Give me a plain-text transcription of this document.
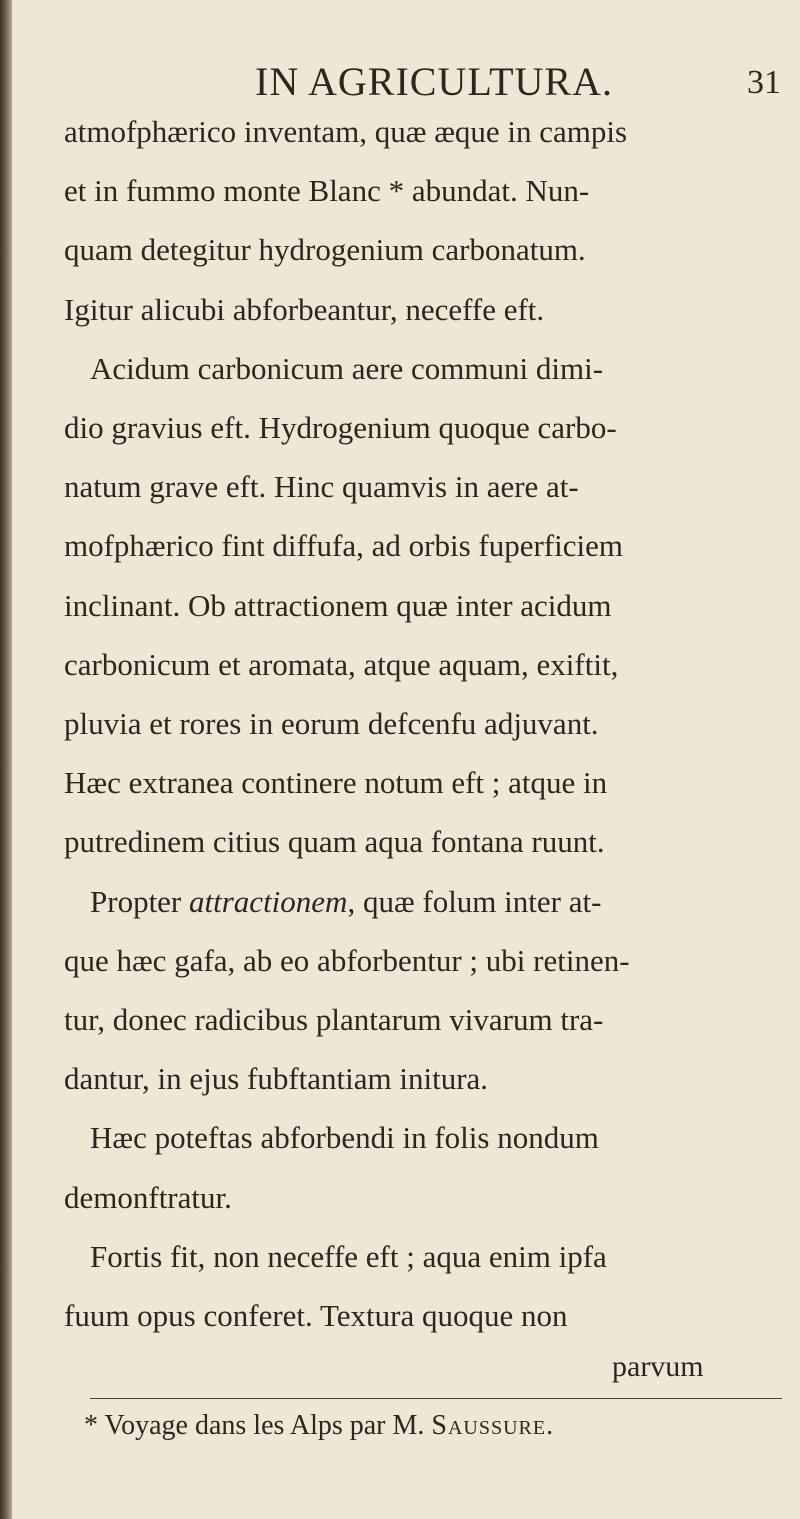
IN AGRICULTURA.	31
atmofphærico inventam, quæ æque in campis
et in fummo monte Blanc * abundat. Nun-
quam detegitur hydrogenium carbonatum.
Igitur alicubi abforbeantur, neceffe eft.
Acidum carbonicum aere communi dimi-
dio gravius eft. Hydrogenium quoque carbo-
natum grave eft. Hinc quamvis in aere at-
mofphærico fint diffufa, ad orbis fuperficiem
inclinant. Ob attractionem quæ inter acidum
carbonicum et aromata, atque aquam, exiftit,
pluvia et rores in eorum defcenfu adjuvant.
Hæc extranea continere notum eft ; atque in
putredinem citius quam aqua fontana ruunt.
Propter attractionem, quæ folum inter at-
que hæc gafa, ab eo abforbentur ; ubi retinen-
tur, donec radicibus plantarum vivarum tra-
dantur, in ejus fubftantiam initura.
Hæc poteftas abforbendi in folis nondum
demonftratur.
Fortis fit, non neceffe eft ; aqua enim ipfa
fuum opus conferet. Textura quoque non
parvum
* Voyage dans les Alps par M. Saussure.
